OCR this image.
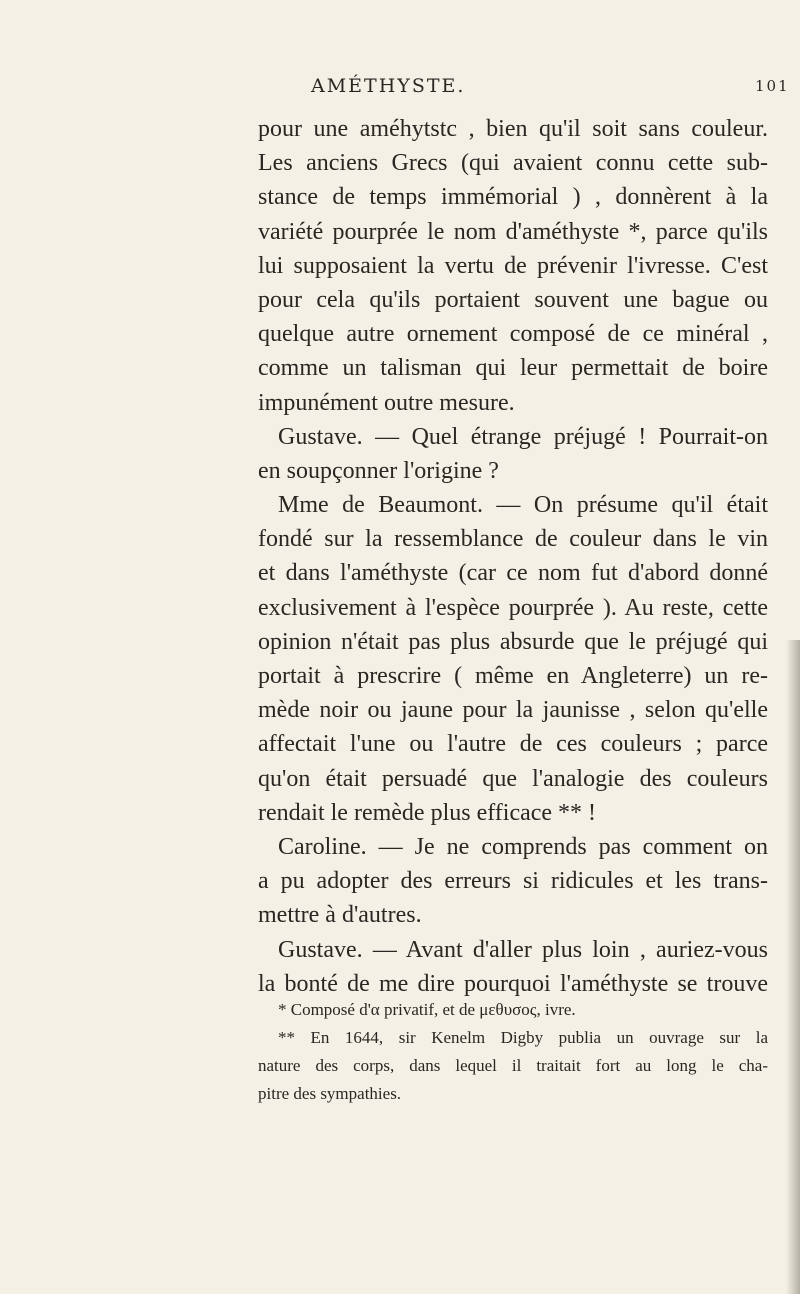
AMÉTHYSTE.	101
pour une améhytstc , bien qu'il soit sans couleur.
Les anciens Grecs (qui avaient connu cette sub-
stance de temps immémorial ) , donnèrent à la
variété pourprée le nom d'améthyste *, parce qu'ils
lui supposaient la vertu de prévenir l'ivresse. C'est
pour cela qu'ils portaient souvent une bague ou
quelque autre ornement composé de ce minéral ,
comme un talisman qui leur permettait de boire
impunément outre mesure.
Gustave. — Quel étrange préjugé ! Pourrait-on
en soupçonner l'origine ?
Mme de Beaumont. — On présume qu'il était
fondé sur la ressemblance de couleur dans le vin
et dans l'améthyste (car ce nom fut d'abord donné
exclusivement à l'espèce pourprée ). Au reste, cette
opinion n'était pas plus absurde que le préjugé qui
portait à prescrire ( même en Angleterre) un re-
mède noir ou jaune pour la jaunisse , selon qu'elle
affectait l'une ou l'autre de ces couleurs ; parce
qu'on était persuadé que l'analogie des couleurs
rendait le remède plus efficace ** !
Caroline. — Je ne comprends pas comment on
a pu adopter des erreurs si ridicules et les trans-
mettre à d'autres.
Gustave. — Avant d'aller plus loin , auriez-vous
la bonté de me dire pourquoi l'améthyste se trouve
* Composé d'α privatif, et de μεθυσος, ivre.
** En 1644, sir Kenelm Digby publia un ouvrage sur la
nature des corps, dans lequel il traitait fort au long le cha-
pitre des sympathies.
